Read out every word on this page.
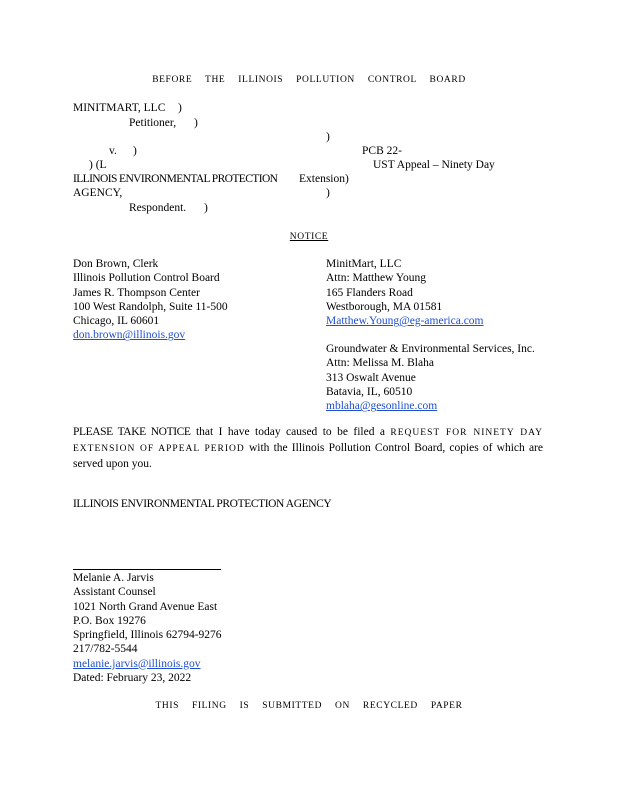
BEFORE THE ILLINOIS POLLUTION CONTROL BOARD
MINITMART, LLC )
Petitioner, )
)
v. )	PCB 22-
) (L	UST Appeal – Ninety Day
ILLINOIS ENVIRONMENTAL PROTECTION Extension)
AGENCY,	)
Respondent. )
NOTICE
Don Brown, Clerk
Illinois Pollution Control Board
James R. Thompson Center
100 West Randolph, Suite 11-500
Chicago, IL 60601
don.brown@illinois.gov
MinitMart, LLC
Attn: Matthew Young
165 Flanders Road
Westborough, MA 01581
Matthew.Young@eg-america.com
Groundwater & Environmental Services, Inc.
Attn: Melissa M. Blaha
313 Oswalt Avenue
Batavia, IL, 60510
mblaha@gesonline.com
PLEASE TAKE NOTICE that I have today caused to be filed a REQUEST FOR NINETY DAY EXTENSION OF APPEAL PERIOD with the Illinois Pollution Control Board, copies of which are served upon you.
ILLINOIS ENVIRONMENTAL PROTECTION AGENCY
Melanie A. Jarvis
Assistant Counsel
1021 North Grand Avenue East
P.O. Box 19276
Springfield, Illinois 62794-9276
217/782-5544
melanie.jarvis@illinois.gov
Dated: February 23, 2022
THIS FILING IS SUBMITTED ON RECYCLED PAPER
